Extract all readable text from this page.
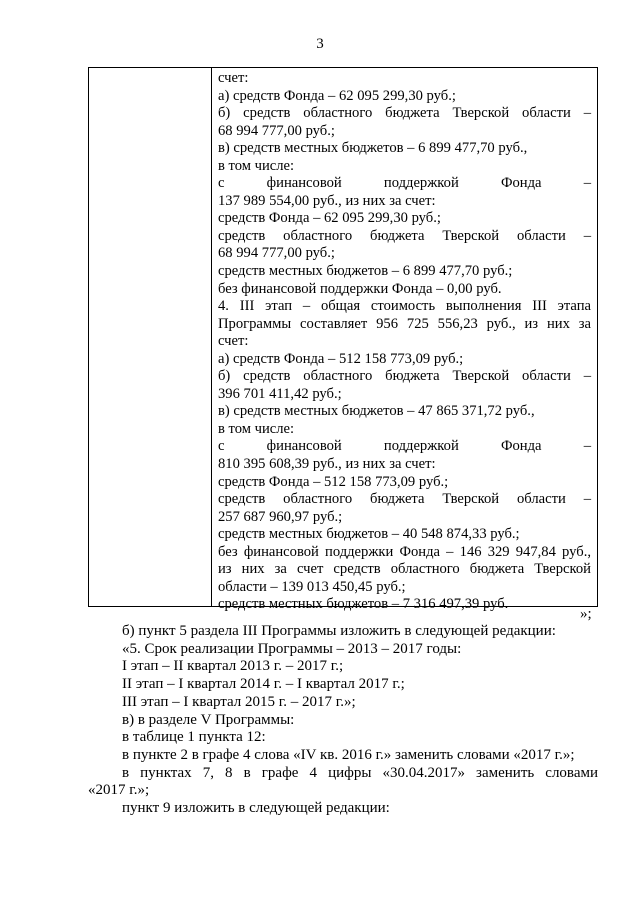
3
счет:
а) средств Фонда – 62 095 299,30 руб.;
б) средств областного бюджета Тверской области –
68 994 777,00 руб.;
в) средств местных бюджетов – 6 899 477,70 руб.,
в том числе:
с финансовой поддержкой Фонда –
137 989 554,00 руб., из них за счет:
средств Фонда – 62 095 299,30 руб.;
средств областного бюджета Тверской области –
68 994 777,00 руб.;
средств местных бюджетов – 6 899 477,70 руб.;
без финансовой поддержки Фонда – 0,00 руб.
4. III этап – общая стоимость выполнения III этапа
Программы составляет 956 725 556,23 руб., из них за
счет:
а) средств Фонда – 512 158 773,09 руб.;
б) средств областного бюджета Тверской области –
396 701 411,42 руб.;
в) средств местных бюджетов – 47 865 371,72 руб.,
в том числе:
с финансовой поддержкой Фонда –
810 395 608,39 руб., из них за счет:
средств Фонда – 512 158 773,09 руб.;
средств областного бюджета Тверской области –
257 687 960,97 руб.;
средств местных бюджетов – 40 548 874,33 руб.;
без финансовой поддержки Фонда – 146 329 947,84 руб.,
из них за счет средств областного бюджета Тверской
области – 139 013 450,45 руб.;
средств местных бюджетов – 7 316 497,39 руб.
»;
б) пункт 5 раздела III Программы изложить в следующей редакции:
«5. Срок реализации Программы – 2013 – 2017 годы:
I этап – II квартал 2013 г. – 2017 г.;
II этап – I квартал 2014 г. – I квартал 2017 г.;
III этап – I квартал 2015 г. – 2017 г.»;
в) в разделе V Программы:
в таблице 1 пункта 12:
в пункте 2 в графе 4 слова «IV кв. 2016 г.» заменить словами «2017 г.»;
в пунктах 7, 8 в графе 4 цифры «30.04.2017» заменить словами
«2017 г.»;
пункт 9 изложить в следующей редакции:
